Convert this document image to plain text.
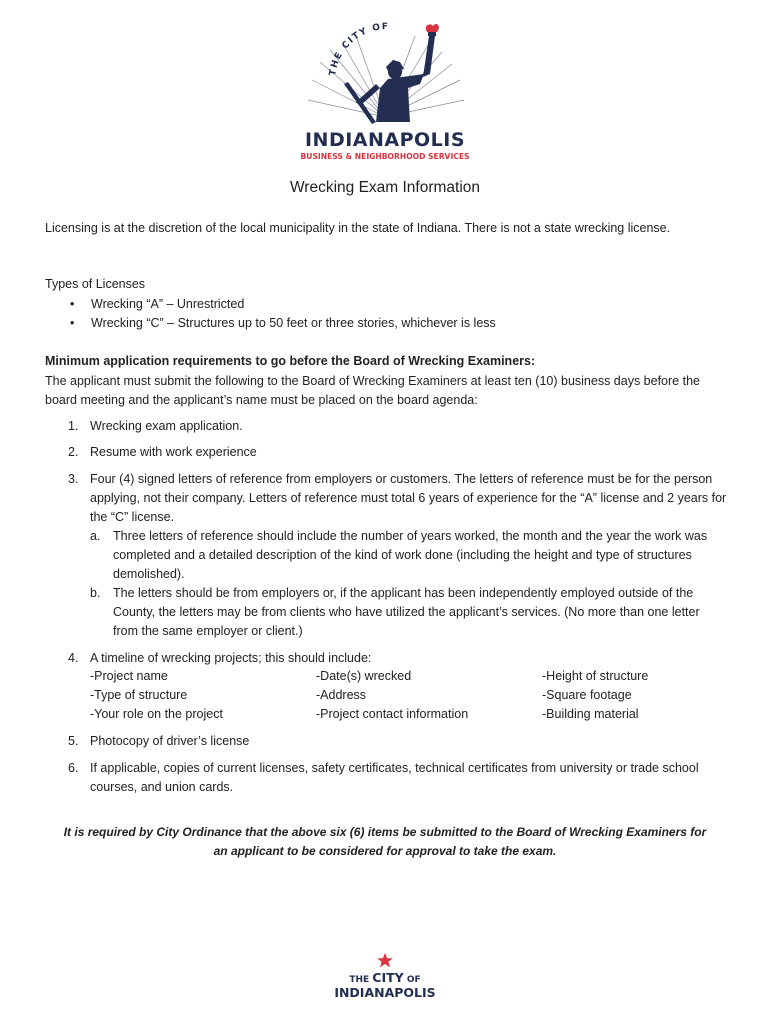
THE CITY OF
INDIANAPOLIS
BUSINESS & NEIGHBORHOOD SERVICES
Wrecking Exam Information
Licensing is at the discretion of the local municipality in the state of Indiana. There is not a state wrecking license.
Types of Licenses
• Wrecking “A” – Unrestricted
• Wrecking “C” – Structures up to 50 feet or three stories, whichever is less
Minimum application requirements to go before the Board of Wrecking Examiners:
The applicant must submit the following to the Board of Wrecking Examiners at least ten (10) business days before the board meeting and the applicant’s name must be placed on the board agenda:
1. Wrecking exam application.
2. Resume with work experience
3. Four (4) signed letters of reference from employers or customers. The letters of reference must be for the person applying, not their company. Letters of reference must total 6 years of experience for the “A” license and 2 years for the “C” license.
a. Three letters of reference should include the number of years worked, the month and the year the work was completed and a detailed description of the kind of work done (including the height and type of structures demolished).
b. The letters should be from employers or, if the applicant has been independently employed outside of the County, the letters may be from clients who have utilized the applicant’s services. (No more than one letter from the same employer or client.)
4. A timeline of wrecking projects; this should include:
-Project name
-Type of structure
-Your role on the project
-Date(s) wrecked
-Address
-Project contact information
-Height of structure
-Square footage
-Building material
5. Photocopy of driver’s license
6. If applicable, copies of current licenses, safety certificates, technical certificates from university or trade school courses, and union cards.
It is required by City Ordinance that the above six (6) items be submitted to the Board of Wrecking Examiners for an applicant to be considered for approval to take the exam.
THE CITY OF
INDIANAPOLIS
